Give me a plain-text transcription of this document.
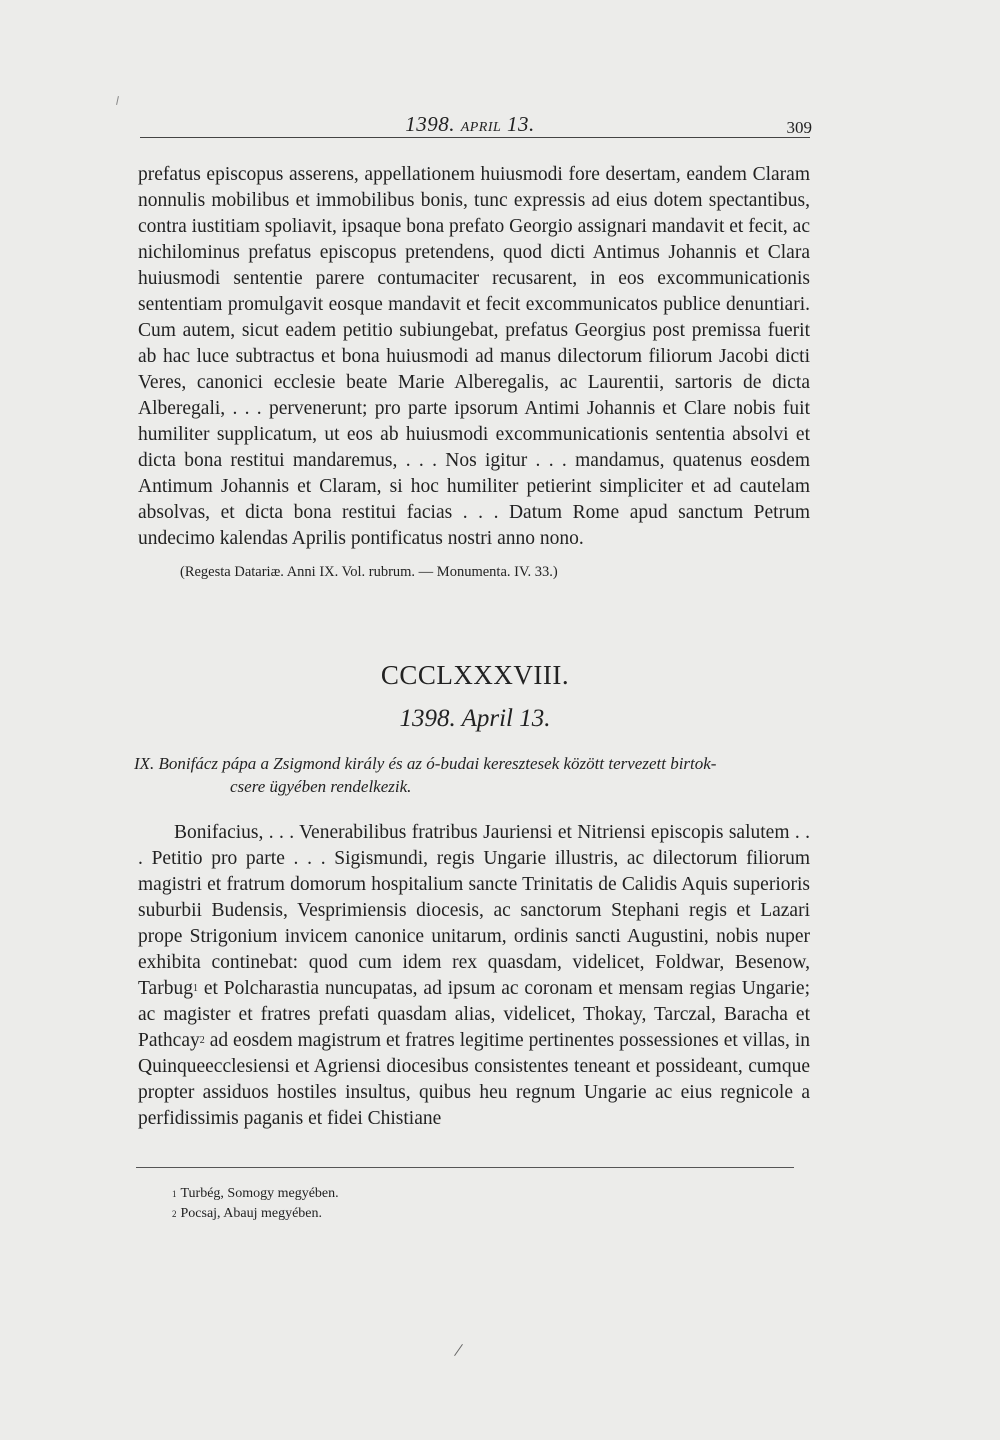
1398. APRIL 13.	309

prefatus episcopus asserens, appellationem huiusmodi fore desertam, eandem Claram nonnulis mobilibus et immobilibus bonis, tunc expressis ad eius dotem spectantibus, contra iustitiam spoliavit, ipsaque bona prefato Georgio assignari mandavit et fecit, ac nichilominus prefatus episcopus pretendens, quod dicti Antimus Johannis et Clara huiusmodi sententie parere contumaciter recusarent, in eos excommunicationis sententiam promulgavit eosque mandavit et fecit excommunicatos publice denuntiari. Cum autem, sicut eadem petitio subiungebat, prefatus Georgius post premissa fuerit ab hac luce subtractus et bona huiusmodi ad manus dilectorum filiorum Jacobi dicti Veres, canonici ecclesie beate Marie Alberegalis, ac Laurentii, sartoris de dicta Alberegali, . . . pervenerunt; pro parte ipsorum Antimi Johannis et Clare nobis fuit humiliter supplicatum, ut eos ab huiusmodi excommunicationis sententia absolvi et dicta bona restitui mandaremus, . . . Nos igitur . . . mandamus, quatenus eosdem Antimum Johannis et Claram, si hoc humiliter petierint simpliciter et ad cautelam absolvas, et dicta bona restitui facias . . . Datum Rome apud sanctum Petrum undecimo kalendas Aprilis pontificatus nostri anno nono.

(Regesta Datariæ. Anni IX. Vol. rubrum. — Monumenta. IV. 33.)
CCCLXXXVIII.
1398. April 13.
IX. Bonifácz pápa a Zsigmond király és az ó-budai keresztesek között tervezett birtok-
csere ügyében rendelkezik.

Bonifacius, . . . Venerabilibus fratribus Jauriensi et Nitriensi episcopis salutem . . . Petitio pro parte . . . Sigismundi, regis Ungarie illustris, ac dilectorum filiorum magistri et fratrum domorum hospitalium sancte Trinitatis de Calidis Aquis superioris suburbii Budensis, Vesprimiensis diocesis, ac sanctorum Stephani regis et Lazari prope Strigonium invicem canonice unitarum, ordinis sancti Augustini, nobis nuper exhibita continebat: quod cum idem rex quasdam, videlicet, Foldwar, Besenow, Tarbug$^1$ et Polcharastia nuncupatas, ad ipsum ac coronam et mensam regias Ungarie; ac magister et fratres prefati quasdam alias, videlicet, Thokay, Tarczal, Baracha et Pathcay$^2$ ad eosdem magistrum et fratres legitime pertinentes possessiones et villas, in Quinqueecclesiensi et Agriensi diocesibus consistentes teneant et possideant, cumque propter assiduos hostiles insultus, quibus heu regnum Ungarie ac eius regnicole a perfidissimis paganis et fidei Chistiane

$^1$ Turbég, Somogy megyében.
$^2$ Pocsaj, Abauj megyében.
